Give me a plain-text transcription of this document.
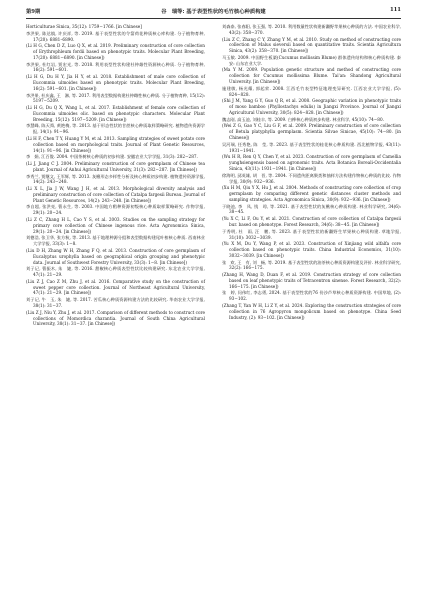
第9期	谷　瑞等: 基于表型性状的毛竹核心种质构建	111

Horticulturae Sinica, 35(12): 1759−1766. [in Chinese]

李洪果, 陈达镇, 许庆祥, 等. 2019. 基于表型性状的令箭荷花种质核心库构建. 分子植物育种, 17(20): 6881–6890.

(Li H G, Chen D Z, Luo Q X, et al. 2019. Preliminary construction of core collection of Erythrophleum fordii based on phenotypic traits. Molecular Plant Breeding, 17(20): 6881−6890. [in Chinese])

李洪果, 杜红岩, 贾宏光, 等. 2018. 利用表型性状构建杜仲雄性资源核心种质. 分子植物育种, 16(2): 591−601.

(Li H G, Du H Y, Jia H Y, et al. 2018. Establishment of male core collection of Eucommia ulmoides based on phenotypic traits. Molecular Plant Breeding, 16(2): 591−601. [in Chinese])

李洪果, 杜庆鑫, 王　淋, 等. 2017. 利用表型数据构建杜仲雌性核心种质. 分子植物育种, 15(12): 5197−5209.

(Li H G, Du Q X, Wang L, et al. 2017. Establishment of female core collection of Eucommia ulmoides olic. based on phenotypic characters. Molecular Plant Breeding, 15(12): 5197−5209. [in Chinese])

李慧峰, 陈天舜, 黄艳梅, 等. 2013. 基于形态性状的甘蔗核心种质取样策略研究. 植物遗传资源学报, 14(1): 91−96.

(Li H F, Chen T Y, Huang Y M, et al. 2013. Sampling strategies of sweet potato core collection based on morphological traits. Journal of Plant Genetic Resources, 14(1): 91−96. [in Chinese])

李　娟, 江百俊. 2004. 中国茶树核心种质的初步构建. 安徽农业大学学报, 31(3): 282−287.

(Li J, Jiang C J. 2004. Preliminary construction of core germplasm of Chinese tea plant. Journal of Anhui Agricultural University, 31(3): 282−287. [in Chinese])

李秀兰, 贾继文, 王军辉, 等. 2013. 灰楸形态多样性分析及核心种质初步构建. 植物遗传资源学报, 14(2): 243−248.

(Li X L, Jia J W, Wang J H, et al. 2013. Morphological diversity analysis and preliminary construction of core collection of Catalpa fargesii Bureau. Journal of Plant Genetic Resources, 14(2): 243−248. [in Chinese])

李自超, 张洪亮, 曹永生, 等. 2003. 中国地方稻种资源初级核心种质取样策略研究. 作物学报, 29(1): 20−24.

(Li Z C, Zhang H L, Cao Y S, et al. 2003. Studies on the sampling strategy for primary core collection of Chinese ingenous rice. Acta Agronomica Sinica, 29(1): 20−24. [in Chinese])

刘德浩, 张卫华, 张方秋, 等. 2013. 基于地理种源分组和表型数据构建尾叶桉核心种质. 西南林业大学学报, 33(3): 1−8.

(Liu D H, Zhang W H, Zhang F Q, et al. 2013. Construction of core germplasm of Eucalyptus urophylla based on geographical origin grouping and phenotypic data. Journal of Southwest Forestry University, 33(3): 1−8. [in Chinese])

刘子记, 曹振木, 朱　婕, 等. 2016. 甜椒核心种质表型性状比较构建研究. 东北农业大学学报, 47(1): 21−29.

(Liu Z J, Cao Z M, Zhu J, et al. 2016. Comparative study on the construction of sweet pepper core collection. Journal of Northeast Agricultural University, 47(1): 21−29. [in Chinese])

刘子记, 牛　玉, 朱　婕, 等. 2017. 苦瓜核心种质资源构建方法的比较研究. 华南农业大学学报, 38(1): 31−37.

(Liu Z J, Niu Y, Zhu J, et al. 2017. Comparison of different methods to construct core collections of Momordica charantia. Journal of South China Agricultural University, 38(1): 31−37. [in Chinese])

刘森泰, 张春阳, 张玉强, 等. 2010. 利用数量性状构建新疆野苹果核心种质的方法. 中国农业科学, 43(2): 358−370.

(Liu Z C, Zhang C Y, Zhang Y M, et al. 2010. Study on method of constructing core collection of Malus sieversii based on quantitative traits. Scientia Agricultura Sinica, 43(2): 358−370. [in Chinese])

马玉敏. 2009. 中国野生板栗(Cucumus mollissim Blume) 群体遗传结构和核心种质构建. 泰安: 山东农业大学.

(Ma Y M. 2009. Population genetic structure and method of constructing core collection for Cucumus mollissima Blume. Tai'an: Shandong Agricultural University. [in Chinese])

施建敏, 杨光耀, 郭起荣. 2008. 江西毛竹表型特征地理变异研究. 江西农业大学学报, (5): 824−828.

(Shi J M, Yang G Y, Guo Q R, et al. 2008. Geographic variation in phenotypic traits of moso bamboo (Phyllostachys edulis) in Jiangxi Province. Journal of Jiangxi Agricultural University, 30(5): 824−828. [in Chinese])

魏志刚, 高玉池, 刘桂丰, 等. 2009. 白桦核心种质初步构建. 林业科学, 45(10): 74−80.

(Wei Z G, Gao Y C, Liu G F, et al. 2009. Preliminary construction of core collection of Betula platyphylla germplasm. Scientia Silvae Sinicae, 45(10): 74−80. [in Chinese])

吴河瑞, 任秀艳, 陈　莹, 等. 2023. 基于表型性状的桂花核心种质构建. 西北植物学报, 43(11): 1931−1941.

(Wu H R, Ren Q Y, Chen Y, et al. 2023. Construction of core germplasm of Camellia yunghsiengensis based on agronomic traits. Acta Botanica Boreali-Occidentalia Sinica, 43(11): 1931−1941. [in Chinese])

徐海明, 邱英雄, 胡　晋, 等. 2004. 不同遗传距离聚类和抽样方法构建作物核心种质的比较. 作物学报, 30(9): 932−936.

(Xu H M, Qiu Y X, Hu J, et al. 2004. Methods of constructing core collection of crop germplasm by comparing different genetic distances cluster methods and sampling strategies. Acta Agronomica Sinica, 30(9): 932−936. [in Chinese])

于晓池, 李　凤, 钱　琼, 等. 2021. 基于表型性状的灰楸核心种质构建. 林业科学研究, 34(6): 38−45.

(Yu X C, Li F, Ou Y, et al. 2021. Construction of core collection of Catalpa fargesii bur. based on phenotype. Forest Research, 34(6): 38−45. [in Chinese])

于秀明, 杜　雨, 汪　鹏, 等. 2023. 基于表型性状的新疆野生苹果核心种质构建. 草地学报, 31(10): 3032−3039.

(Yu X M, Du Y, Wang P, et al. 2023. Construction of Xinjiang wild alfalfa core collection based on phenotypic traits. China Industrial Economics, 31(10): 3032−3039. [in Chinese])

张　欢, 王　有, 刘　畅, 等. 2019. 基于表型性状的油茶核心种质资源构建及评价. 林业科学研究, 32(2): 166−175.

(Zhang H, Wang D, Duan F, et al. 2019. Construction strategy of core collection based on leaf phenotypic traits of Tetracentron sinense. Forest Research, 32(2): 166−175. [in Chinese])

张　婷, 问伟红, 李志勇, 2024. 基于表型性状的76 份沙芦草核心种质资源构建. 中国草地, (2): 93−102.

(Zhang T, Yan W H, Li Z Y, et al. 2024. Exploring the construction strategies of core collection in 76 Agropyron mongolicum based on phenotype. China Seed Industry, (2): 93−102. [in Chinese])
